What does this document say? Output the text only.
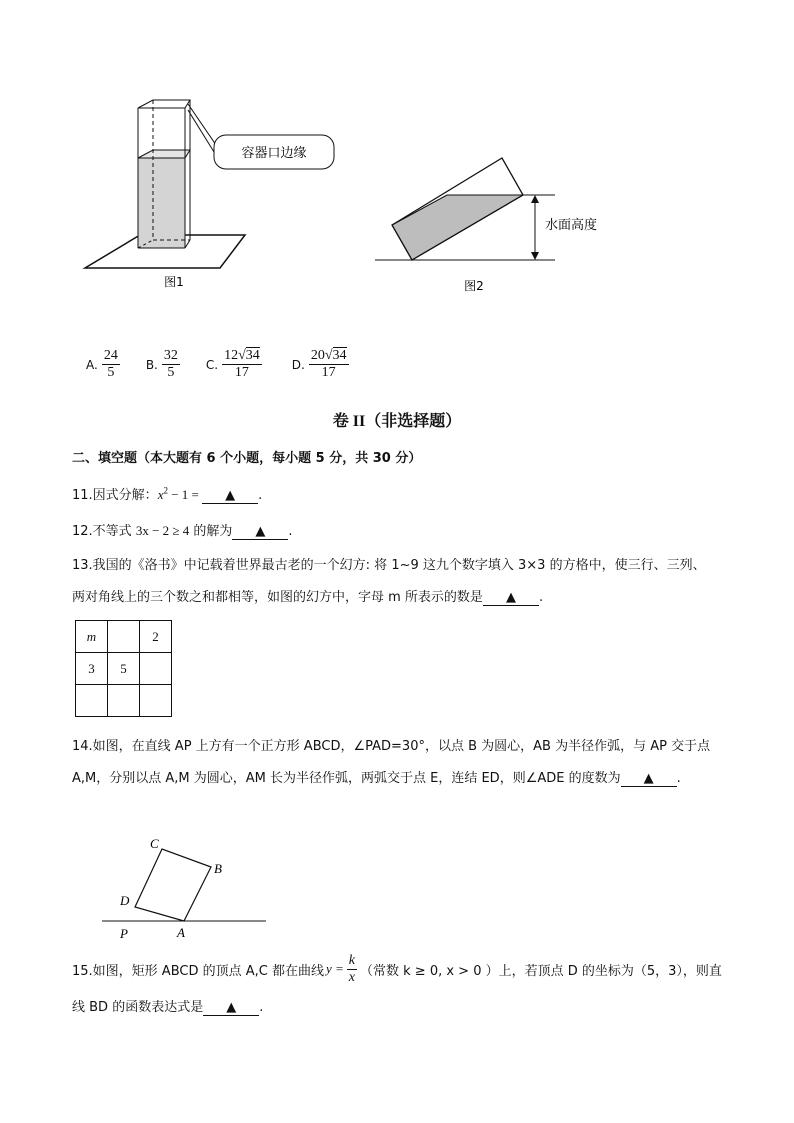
容器口边缘
图1
水面高度
图2
A. $\frac{24}{5} B$. $\frac{32}{5} C$. $\frac{12√34}{17}$	D. $\frac{20√34}{17}$
卷 II（非选择题）
二、填空题（本大题有 6 个小题，每小题 5 分，共 30 分）
11.因式分解：$x^2 - 1$ = ▲ .
12.不等式 3x − 2 ≥ 4 的解为 ▲ .
13.我国的《洛书》中记载着世界最古老的一个幻方: 将 1~9 这九个数字填入 3×3 的方格中，使三行、三列、
两对角线上的三个数之和都相等，如图的幻方中，字母 m 所表示的数是 ▲ .
m		2
3	5	

14.如图，在直线 AP 上方有一个正方形 ABCD，∠PAD=30°，以点 B 为圆心，AB 为半径作弧，与 AP 交于点
A,M，分别以点 A,M 为圆心，AM 长为半径作弧，两弧交于点 E，连结 ED，则∠ADE 的度数为 ▲ .
C
B
D
P	A
15.如图，矩形 ABCD 的顶点 A,C 都在曲线 $y = \frac{k}{x}$ （常数 k ≥ 0, x > 0 ）上，若顶点 D 的坐标为（5，3），则直
线 BD 的函数表达式是 ▲ .
